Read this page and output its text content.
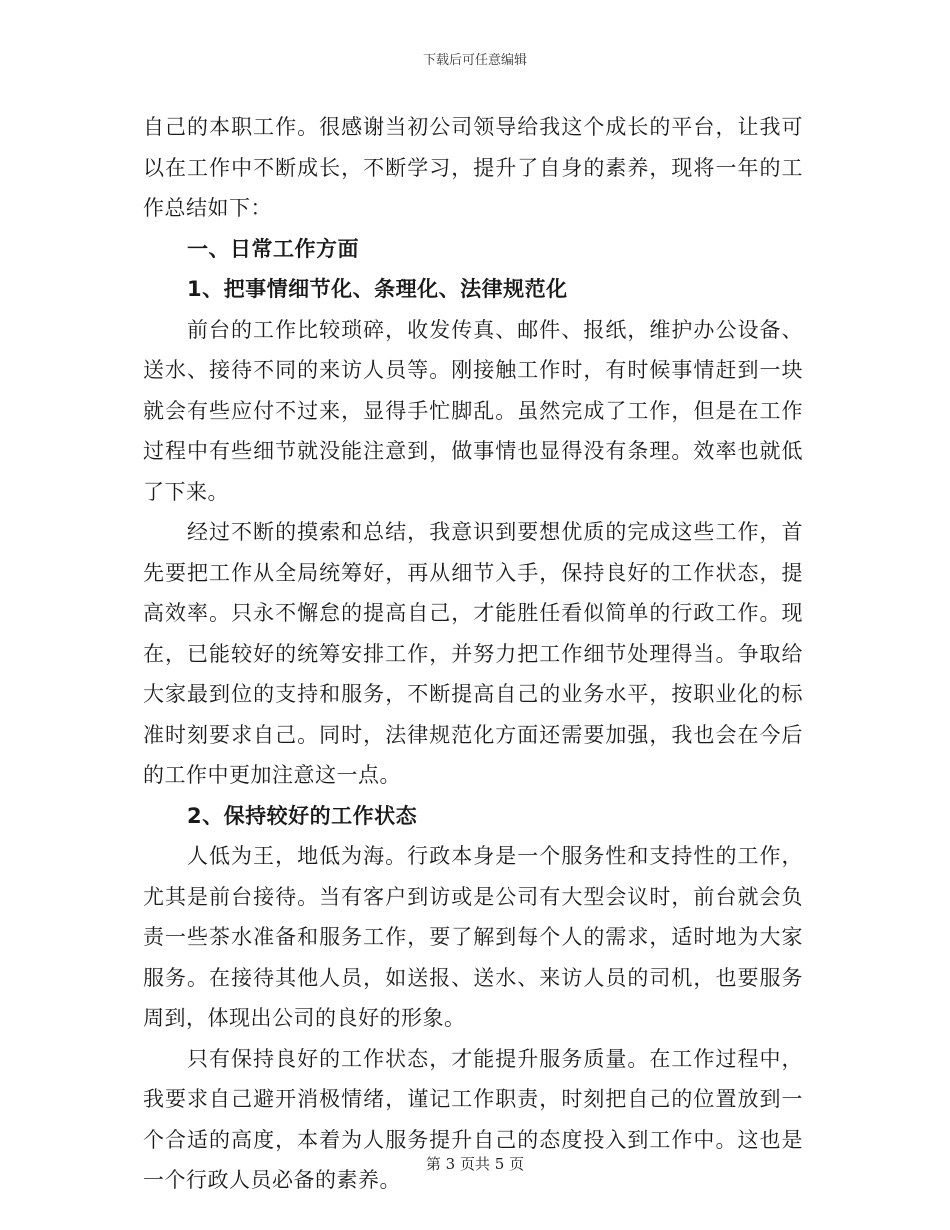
下载后可任意编辑

自己的本职工作。很感谢当初公司领导给我这个成长的平台，让我可以在工作中不断成长，不断学习，提升了自身的素养，现将一年的工作总结如下：

一、日常工作方面

1、把事情细节化、条理化、法律规范化

前台的工作比较琐碎，收发传真、邮件、报纸，维护办公设备、送水、接待不同的来访人员等。刚接触工作时，有时候事情赶到一块就会有些应付不过来，显得手忙脚乱。虽然完成了工作，但是在工作过程中有些细节就没能注意到，做事情也显得没有条理。效率也就低了下来。

经过不断的摸索和总结，我意识到要想优质的完成这些工作，首先要把工作从全局统筹好，再从细节入手，保持良好的工作状态，提高效率。只永不懈怠的提高自己，才能胜任看似简单的行政工作。现在，已能较好的统筹安排工作，并努力把工作细节处理得当。争取给大家最到位的支持和服务，不断提高自己的业务水平，按职业化的标准时刻要求自己。同时，法律规范化方面还需要加强，我也会在今后的工作中更加注意这一点。

2、保持较好的工作状态

人低为王，地低为海。行政本身是一个服务性和支持性的工作，尤其是前台接待。当有客户到访或是公司有大型会议时，前台就会负责一些茶水准备和服务工作，要了解到每个人的需求，适时地为大家服务。在接待其他人员，如送报、送水、来访人员的司机，也要服务周到，体现出公司的良好的形象。

只有保持良好的工作状态，才能提升服务质量。在工作过程中，我要求自己避开消极情绪，谨记工作职责，时刻把自己的位置放到一个合适的高度，本着为人服务提升自己的态度投入到工作中。这也是一个行政人员必备的素养。

第 3 页共 5 页
